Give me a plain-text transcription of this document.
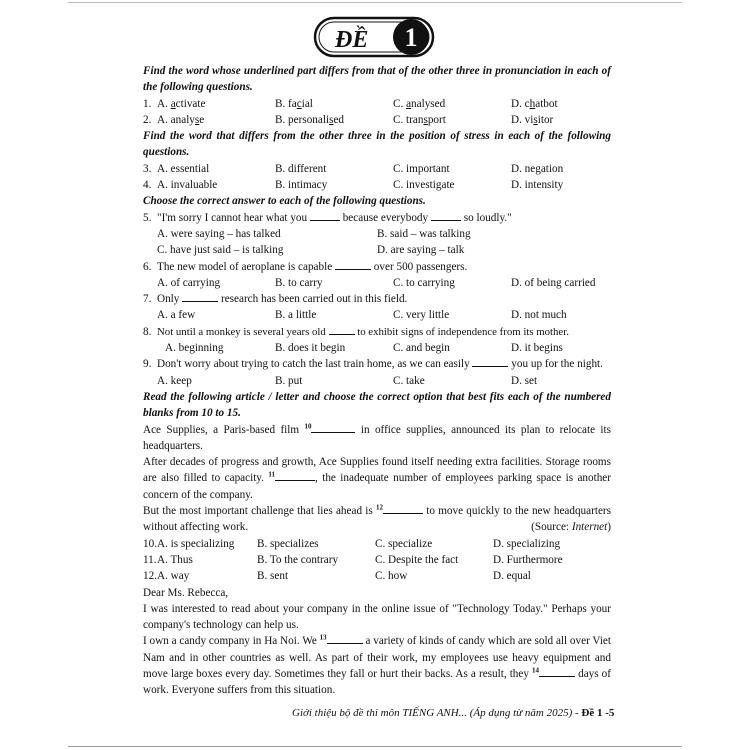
ĐỀ 1
Find the word whose underlined part differs from that of the other three in pronunciation in each of the following questions.
1. A. activate	B. facial	C. analysed	D. chatbot
2. A. analyse	B. personalised	C. transport	D. visitor
Find the word that differs from the other three in the position of stress in each of the following questions.
3. A. essential	B. different	C. important	D. negation
4. A. invaluable	B. intimacy	C. investigate	D. intensity
Choose the correct answer to each of the following questions.
5. "I'm sorry I cannot hear what you	because everybody	so loudly."
A. were saying – has talked	B. said – was talking
C. have just said – is talking	D. are saying – talk
6. The new model of aeroplane is capable	over 500 passengers.
A. of carrying	B. to carry	C. to carrying	D. of being carried
7. Only	research has been carried out in this field.
A. a few	B. a little	C. very little	D. not much
8. Not until a monkey is several years old  to exhibit signs of independence from its mother.
A. beginning	B. does it begin	C. and begin	D. it begins
9. Don't worry about trying to catch the last train home, as we can easily	you up for the night.
A. keep	B. put	C. take	D. set
Read the following article / letter and choose the correct option that best fits each of the numbered blanks from 10 to 15.
Ace Supplies, a Paris-based film $^{10}$	in office supplies, announced its plan to relocate its headquarters.
After decades of progress and growth, Ace Supplies found itself needing extra facilities. Storage rooms are also filled to capacity. $^{11}$	, the inadequate number of employees parking space is another concern of the company.
But the most important challenge that lies ahead is $^{12}$	to move quickly to the new headquarters without affecting work.	(Source: Internet)
10. A. is specializing	B. specializes	C. specialize	D. specializing
11. A. Thus	B. To the contrary	C. Despite the fact	D. Furthermore
12. A. way	B. sent	C. how	D. equal
Dear Ms. Rebecca,
I was interested to read about your company in the online issue of "Technology Today." Perhaps your company's technology can help us.
I own a candy company in Ha Noi. We $^{13}$	a variety of kinds of candy which are sold all over Viet Nam and in other countries as well. As part of their work, my employees use heavy equipment and move large boxes every day. Sometimes they fall or hurt their backs. As a result, they $^{14}$	days of work. Everyone suffers from this situation.
Giới thiệu bộ đề thi môn TIẾNG ANH... (Áp dụng từ năm 2025) - Đề 1 -5
